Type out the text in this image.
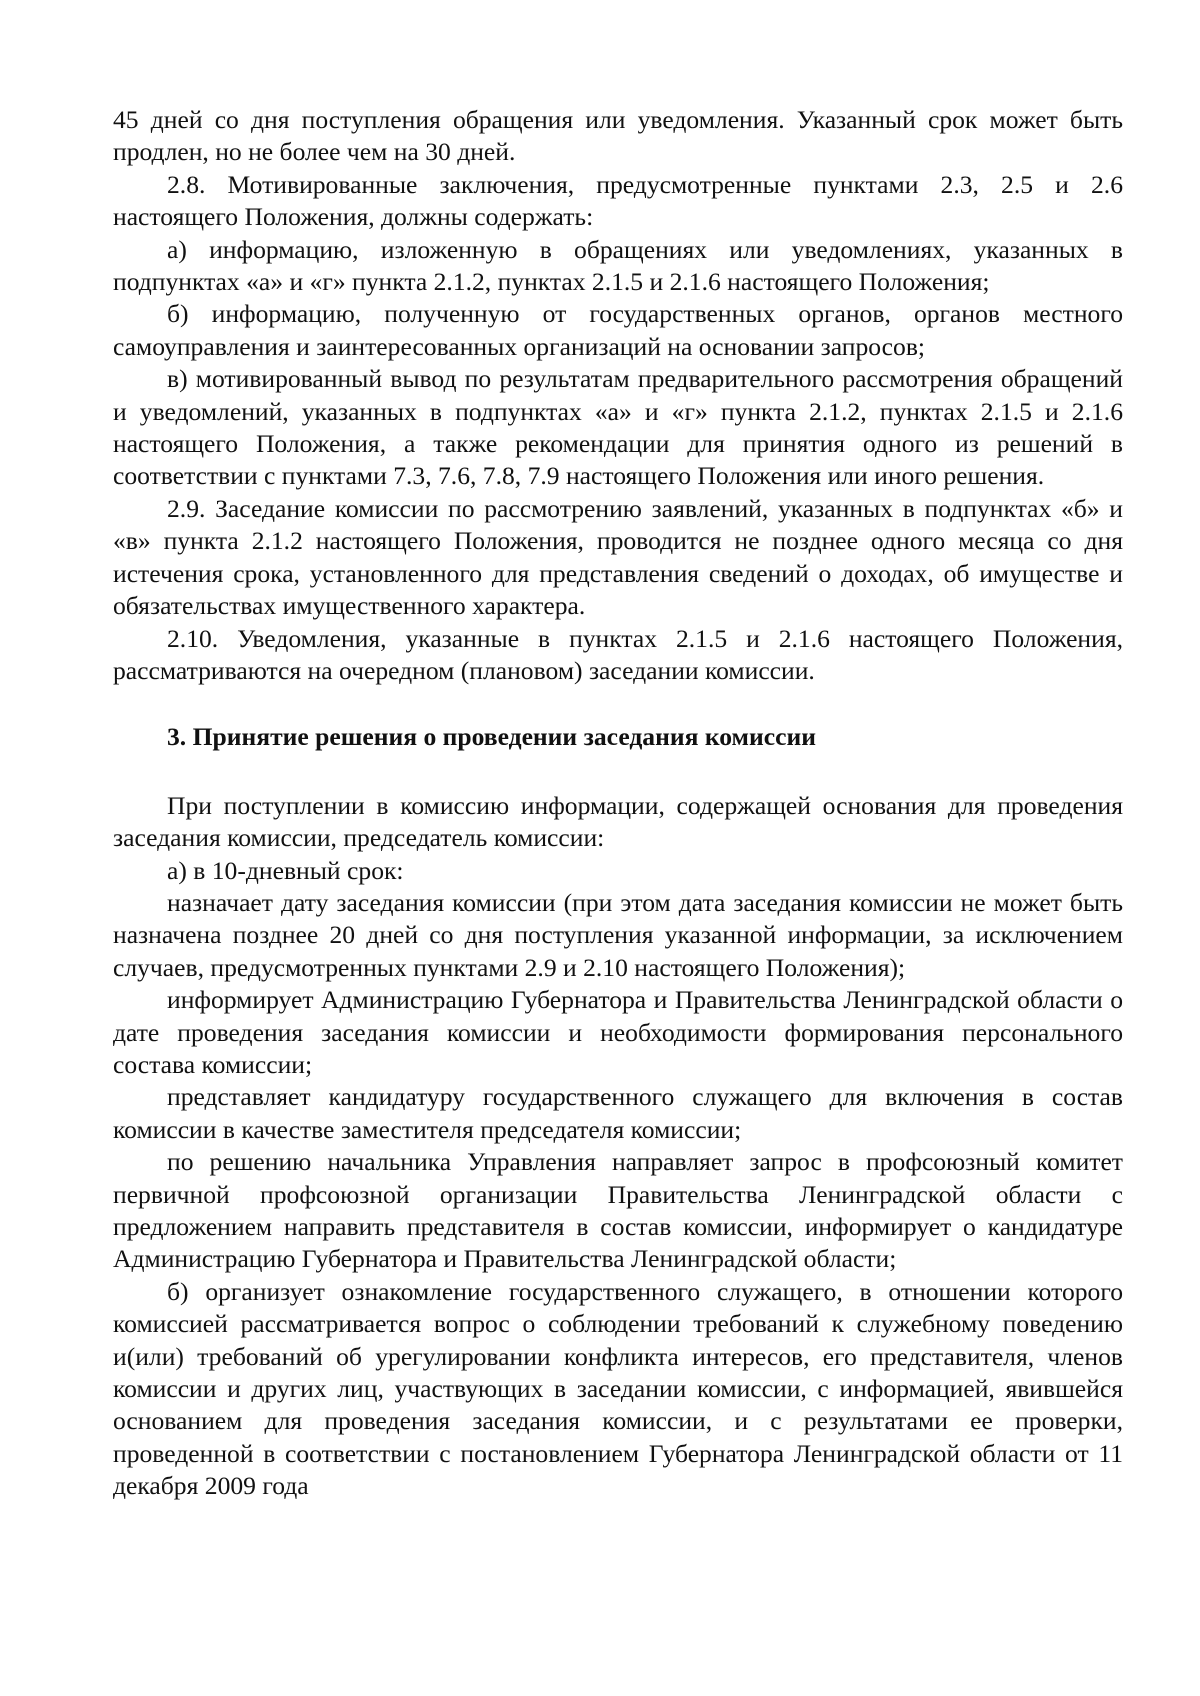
45 дней со дня поступления обращения или уведомления. Указанный срок может быть продлен, но не более чем на 30 дней.

2.8. Мотивированные заключения, предусмотренные пунктами 2.3, 2.5 и 2.6 настоящего Положения, должны содержать:

а) информацию, изложенную в обращениях или уведомлениях, указанных в подпунктах «а» и «г» пункта 2.1.2, пунктах 2.1.5 и 2.1.6 настоящего Положения;

б) информацию, полученную от государственных органов, органов местного самоуправления и заинтересованных организаций на основании запросов;

в) мотивированный вывод по результатам предварительного рассмотрения обращений и уведомлений, указанных в подпунктах «а» и «г» пункта 2.1.2, пунктах 2.1.5 и 2.1.6 настоящего Положения, а также рекомендации для принятия одного из решений в соответствии с пунктами 7.3, 7.6, 7.8, 7.9 настоящего Положения или иного решения.

2.9. Заседание комиссии по рассмотрению заявлений, указанных в подпунктах «б» и «в» пункта 2.1.2 настоящего Положения, проводится не позднее одного месяца со дня истечения срока, установленного для представления сведений о доходах, об имуществе и обязательствах имущественного характера.

2.10. Уведомления, указанные в пунктах 2.1.5 и 2.1.6 настоящего Положения, рассматриваются на очередном (плановом) заседании комиссии.

3. Принятие решения о проведении заседания комиссии

При поступлении в комиссию информации, содержащей основания для проведения заседания комиссии, председатель комиссии:

а) в 10-дневный срок:

назначает дату заседания комиссии (при этом дата заседания комиссии не может быть назначена позднее 20 дней со дня поступления указанной информации, за исключением случаев, предусмотренных пунктами 2.9 и 2.10 настоящего Положения);

информирует Администрацию Губернатора и Правительства Ленинградской области о дате проведения заседания комиссии и необходимости формирования персонального состава комиссии;

представляет кандидатуру государственного служащего для включения в состав комиссии в качестве заместителя председателя комиссии;

по решению начальника Управления направляет запрос в профсоюзный комитет первичной профсоюзной организации Правительства Ленинградской области с предложением направить представителя в состав комиссии, информирует о кандидатуре Администрацию Губернатора и Правительства Ленинградской области;

б) организует ознакомление государственного служащего, в отношении которого комиссией рассматривается вопрос о соблюдении требований к служебному поведению и(или) требований об урегулировании конфликта интересов, его представителя, членов комиссии и других лиц, участвующих в заседании комиссии, с информацией, явившейся основанием для проведения заседания комиссии, и с результатами ее проверки, проведенной в соответствии с постановлением Губернатора Ленинградской области от 11 декабря 2009 года
